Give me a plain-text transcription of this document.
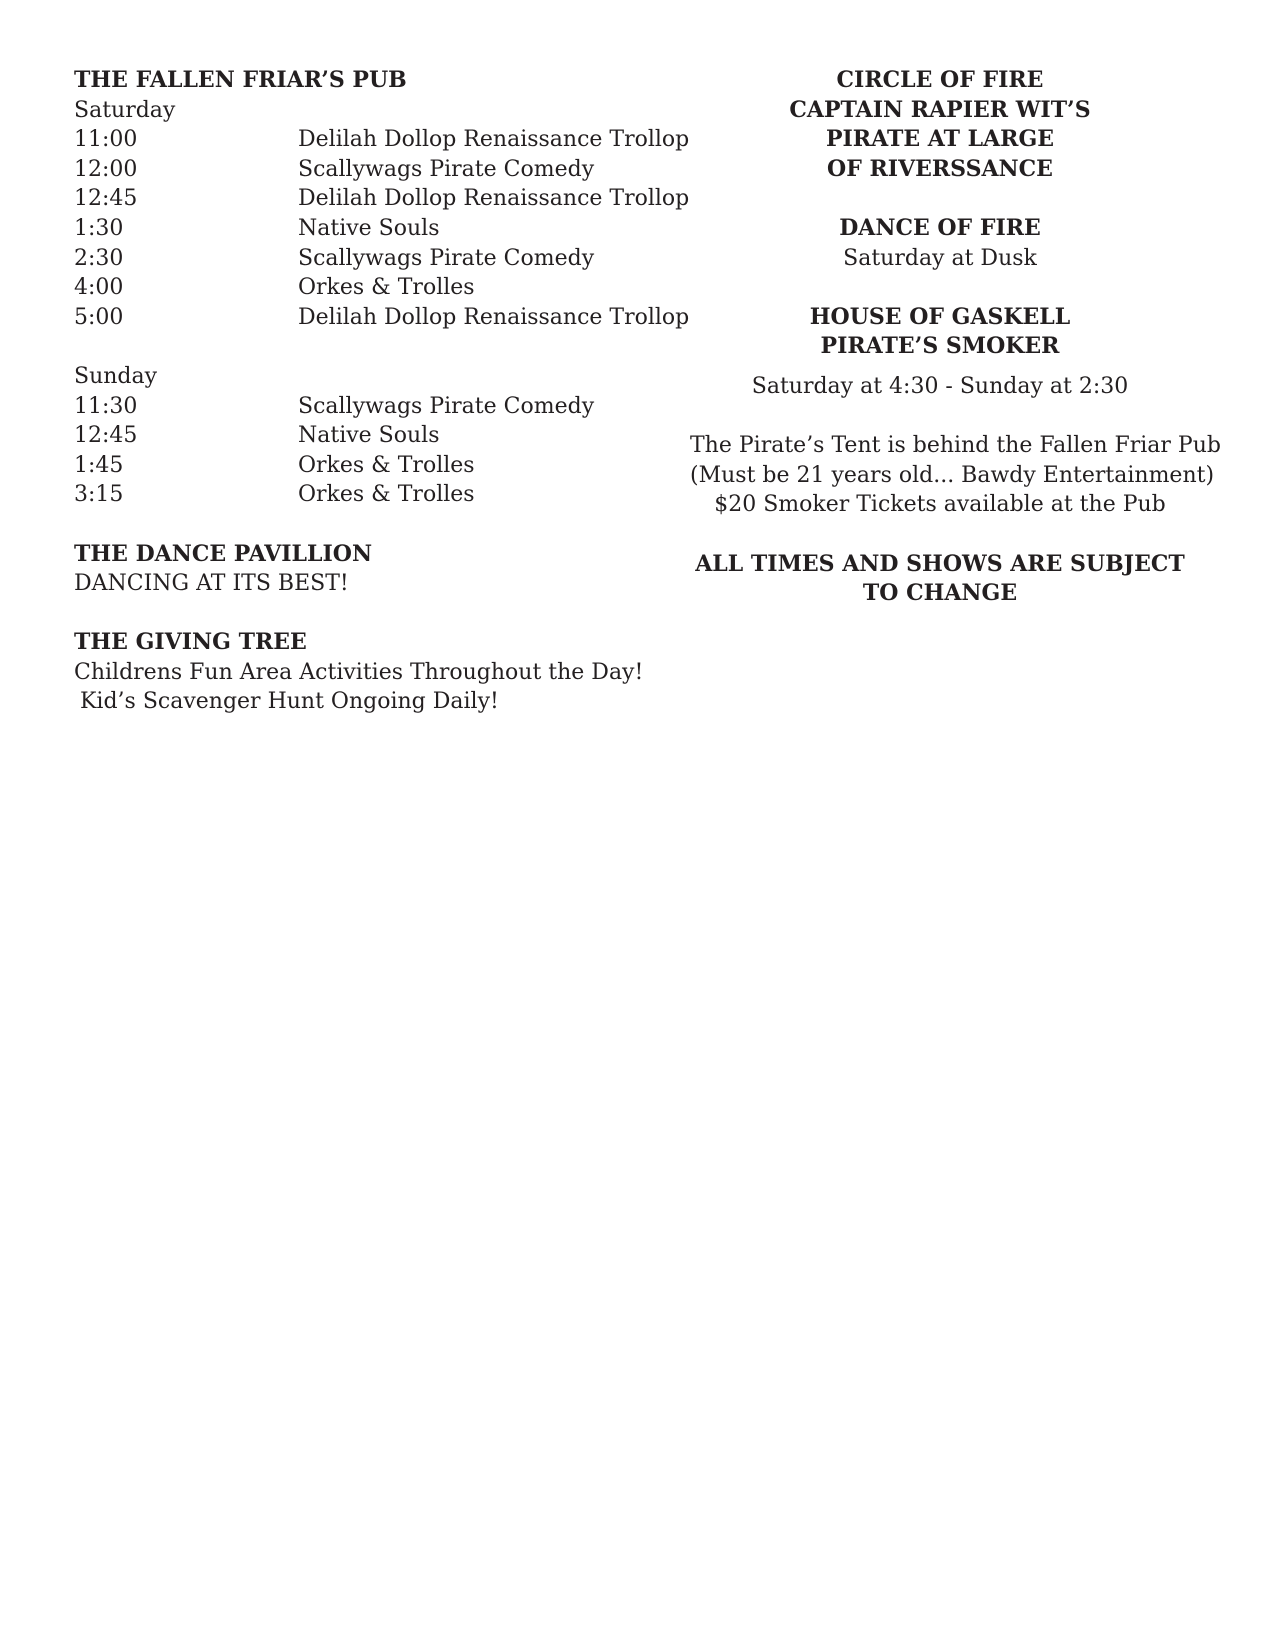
THE FALLEN FRIAR’S PUB
Saturday
11:00	Delilah Dollop Renaissance Trollop
12:00	Scallywags Pirate Comedy
12:45	Delilah Dollop Renaissance Trollop
1:30	Native Souls
2:30	Scallywags Pirate Comedy
4:00	Orkes & Trolles
5:00	Delilah Dollop Renaissance Trollop
Sunday
11:30	Scallywags Pirate Comedy
12:45	Native Souls
1:45	Orkes & Trolles
3:15	Orkes & Trolles
THE DANCE PAVILLION
DANCING AT ITS BEST!
THE GIVING TREE
Childrens Fun Area Activities Throughout the Day!
Kid’s Scavenger Hunt Ongoing Daily!
CIRCLE OF FIRE
CAPTAIN RAPIER WIT’S
PIRATE AT LARGE
OF RIVERSSANCE
DANCE OF FIRE
Saturday at Dusk
HOUSE OF GASKELL
PIRATE’S SMOKER
Saturday at 4:30 - Sunday at 2:30
The Pirate’s Tent is behind the Fallen Friar Pub
(Must be 21 years old... Bawdy Entertainment)
$20 Smoker Tickets available at the Pub
ALL TIMES AND SHOWS ARE SUBJECT
TO CHANGE
